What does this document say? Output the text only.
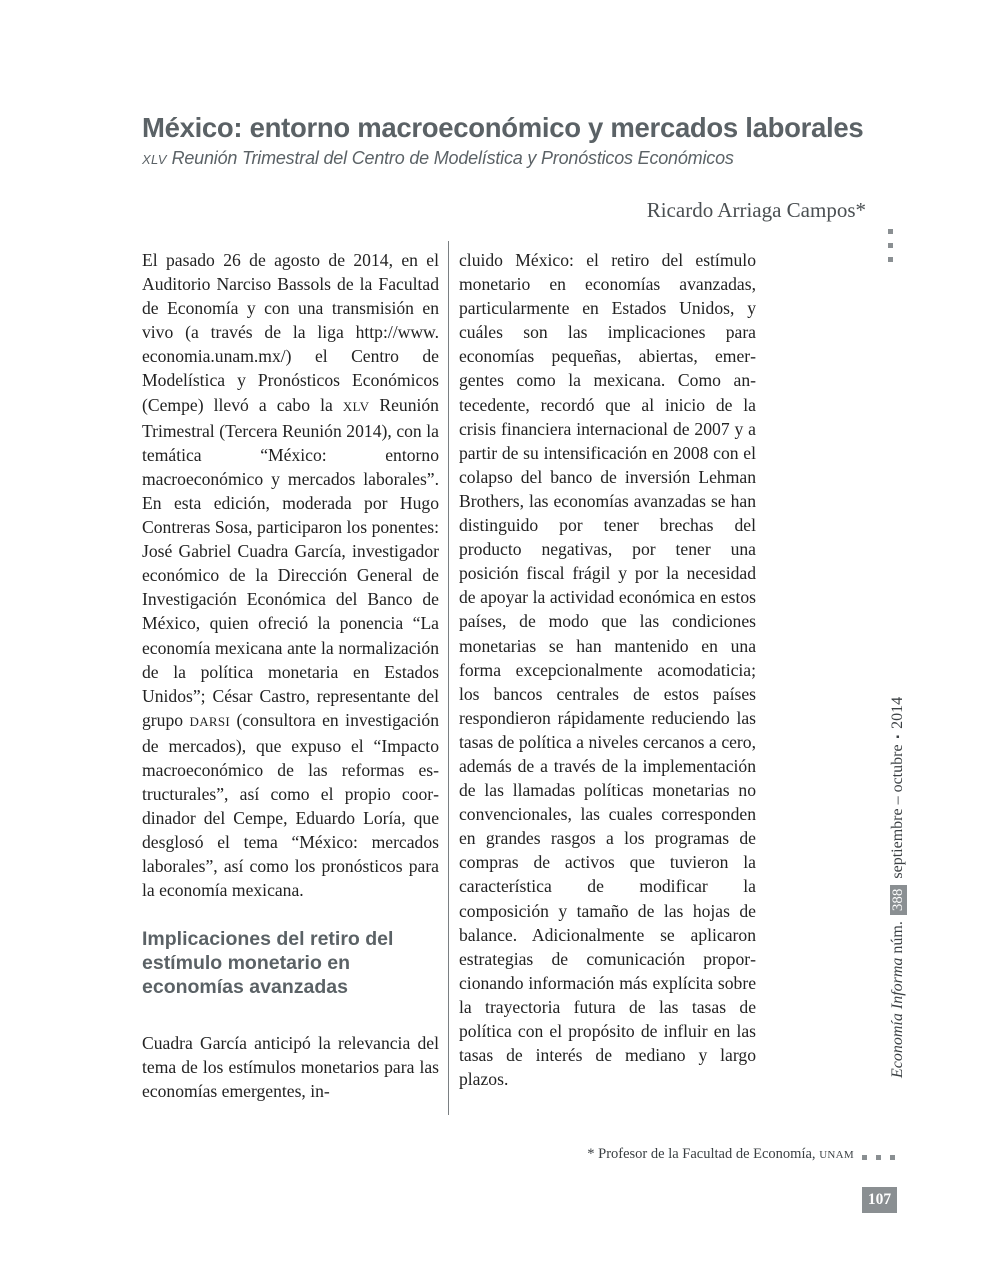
México: entorno macroeconómico y mercados laborales
XLV Reunión Trimestral del Centro de Modelística y Pronósticos Económicos
Ricardo Arriaga Campos*

El pasado 26 de agosto de 2014, en el Auditorio Narciso Bassols de la Facultad de Economía y con una transmisión en vivo (a través de la liga http://www.​economia.unam.mx/) el Centro de Modelística y Pronósticos Económicos (Cempe) llevó a cabo la XLV Reunión Trimestral (Tercera Reunión 2014), con la temática “México: entorno macroeconómico y mercados laborales”. En esta edición, moderada por Hugo Contreras Sosa, participaron los ponentes: José Gabriel Cuadra García, investigador económico de la Dirección General de Investigación Económica del Banco de México, quien ofreció la ponencia “La economía mexicana ante la normalización de la política monetaria en Estados Unidos”; César Castro, representante del grupo DARSI (consultora en investigación de mercados), que expuso el “Impacto macroeconómico de las reformas estructurales”, así como el propio coordinador del Cempe, Eduardo Loría, que desglosó el tema “México: mercados laborales”, así como los pronósticos para la economía mexicana.

Implicaciones del retiro del estímulo monetario en economías avanzadas

Cuadra García anticipó la relevancia del tema de los estímulos monetarios para las economías emergentes, in-

cluido México: el retiro del estímulo monetario en economías avanzadas, particularmente en Estados Unidos, y cuáles son las implicaciones para economías pequeñas, abiertas, emergentes como la mexicana. Como antecedente, recordó que al inicio de la crisis financiera internacional de 2007 y a partir de su intensificación en 2008 con el colapso del banco de inversión Lehman Brothers, las economías avanzadas se han distinguido por tener brechas del producto negativas, por tener una posición fiscal frágil y por la necesidad de apoyar la actividad económica en estos países, de modo que las condiciones monetarias se han mantenido en una forma excepcionalmente acomodaticia; los bancos centrales de estos países respondieron rápidamente reduciendo las tasas de política a niveles cercanos a cero, además de a través de la implementación de las llamadas políticas monetarias no convencionales, las cuales corresponden en grandes rasgos a los programas de compras de activos que tuvieron la característica de modificar la composición y tamaño de las hojas de balance. Adicionalmente se aplicaron estrategias de comunicación proporcionando información más explícita sobre la trayectoria futura de las tasas de política con el propósito de influir en las tasas de interés de mediano y largo plazos.

Economía Informa

núm.
388
septiembre – octubre
▪
2014
* Profesor de la Facultad de Economía, UNAM
107
